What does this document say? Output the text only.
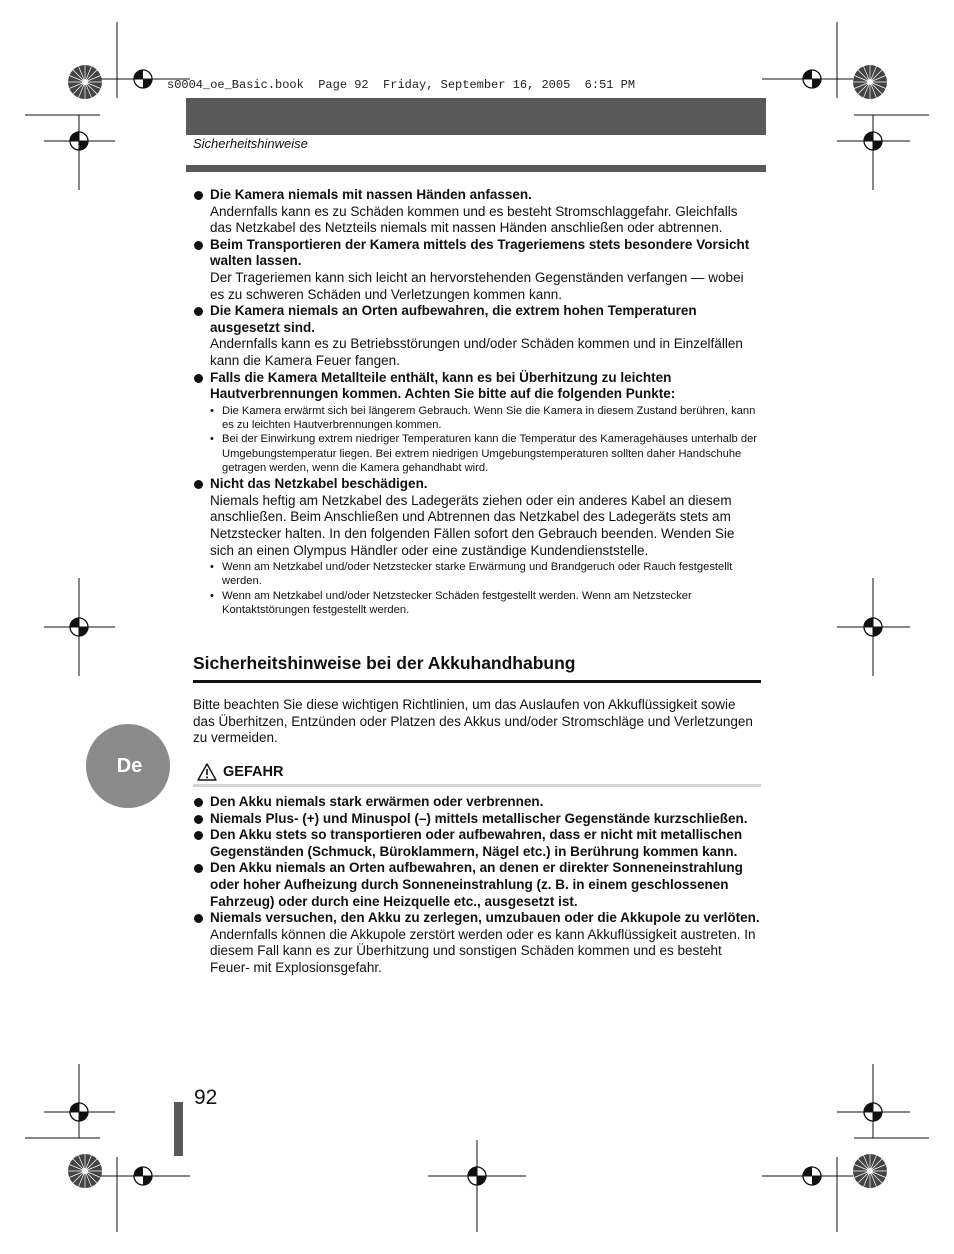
s0004_oe_Basic.book  Page 92  Friday, September 16, 2005  6:51 PM
Sicherheitshinweise
Die Kamera niemals mit nassen Händen anfassen.
Andernfalls kann es zu Schäden kommen und es besteht Stromschlaggefahr. Gleichfalls das Netzkabel des Netzteils niemals mit nassen Händen anschließen oder abtrennen.
Beim Transportieren der Kamera mittels des Trageriemens stets besondere Vorsicht walten lassen.
Der Trageriemen kann sich leicht an hervorstehenden Gegenständen verfangen — wobei es zu schweren Schäden und Verletzungen kommen kann.
Die Kamera niemals an Orten aufbewahren, die extrem hohen Temperaturen ausgesetzt sind.
Andernfalls kann es zu Betriebsstörungen und/oder Schäden kommen und in Einzelfällen kann die Kamera Feuer fangen.
Falls die Kamera Metallteile enthält, kann es bei Überhitzung zu leichten Hautverbrennungen kommen. Achten Sie bitte auf die folgenden Punkte:
• Die Kamera erwärmt sich bei längerem Gebrauch. Wenn Sie die Kamera in diesem Zustand berühren, kann es zu leichten Hautverbrennungen kommen.
• Bei der Einwirkung extrem niedriger Temperaturen kann die Temperatur des Kameragehäuses unterhalb der Umgebungstemperatur liegen. Bei extrem niedrigen Umgebungstemperaturen sollten daher Handschuhe getragen werden, wenn die Kamera gehandhabt wird.
Nicht das Netzkabel beschädigen.
Niemals heftig am Netzkabel des Ladegeräts ziehen oder ein anderes Kabel an diesem anschließen. Beim Anschließen und Abtrennen das Netzkabel des Ladegeräts stets am Netzstecker halten. In den folgenden Fällen sofort den Gebrauch beenden. Wenden Sie sich an einen Olympus Händler oder eine zuständige Kundendienststelle.
• Wenn am Netzkabel und/oder Netzstecker starke Erwärmung und Brandgeruch oder Rauch festgestellt werden.
• Wenn am Netzkabel und/oder Netzstecker Schäden festgestellt werden. Wenn am Netzstecker Kontaktstörungen festgestellt werden.
Sicherheitshinweise bei der Akkuhandhabung
Bitte beachten Sie diese wichtigen Richtlinien, um das Auslaufen von Akkuflüssigkeit sowie das Überhitzen, Entzünden oder Platzen des Akkus und/oder Stromschläge und Verletzungen zu vermeiden.
De	GEFAHR
Den Akku niemals stark erwärmen oder verbrennen.
Niemals Plus- (+) und Minuspol (–) mittels metallischer Gegenstände kurzschließen.
Den Akku stets so transportieren oder aufbewahren, dass er nicht mit metallischen Gegenständen (Schmuck, Büroklammern, Nägel etc.) in Berührung kommen kann.
Den Akku niemals an Orten aufbewahren, an denen er direkter Sonneneinstrahlung oder hoher Aufheizung durch Sonneneinstrahlung (z. B. in einem geschlossenen Fahrzeug) oder durch eine Heizquelle etc., ausgesetzt ist.
Niemals versuchen, den Akku zu zerlegen, umzubauen oder die Akkupole zu verlöten.
Andernfalls können die Akkupole zerstört werden oder es kann Akkuflüssigkeit austreten. In diesem Fall kann es zur Überhitzung und sonstigen Schäden kommen und es besteht Feuer- mit Explosionsgefahr.
92
